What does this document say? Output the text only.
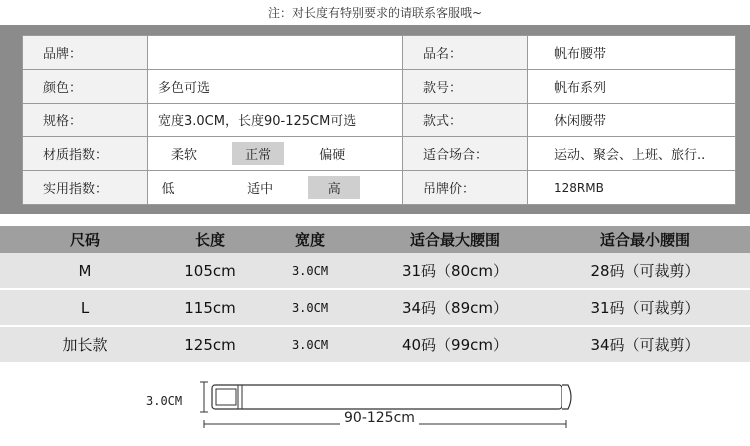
注：对长度有特别要求的请联系客服哦~
品牌：		品名：	帆布腰带
颜色：	多色可选	款号：	帆布系列
规格：	宽度3.0CM，长度90-125CM可选	款式：	休闲腰带
材质指数：	柔软 正常 偏硬	适合场合：	运动、聚会、上班、旅行..
实用指数：	低 适中 高	吊牌价：	128RMB
尺码	长度	宽度	适合最大腰围	适合最小腰围
M	105cm	3.0CM	31码（80cm）	28码（可裁剪）
L	115cm	3.0CM	34码（89cm）	31码（可裁剪）
加长款	125cm	3.0CM	40码（99cm）	34码（可裁剪）
3.0CM
90-125cm
